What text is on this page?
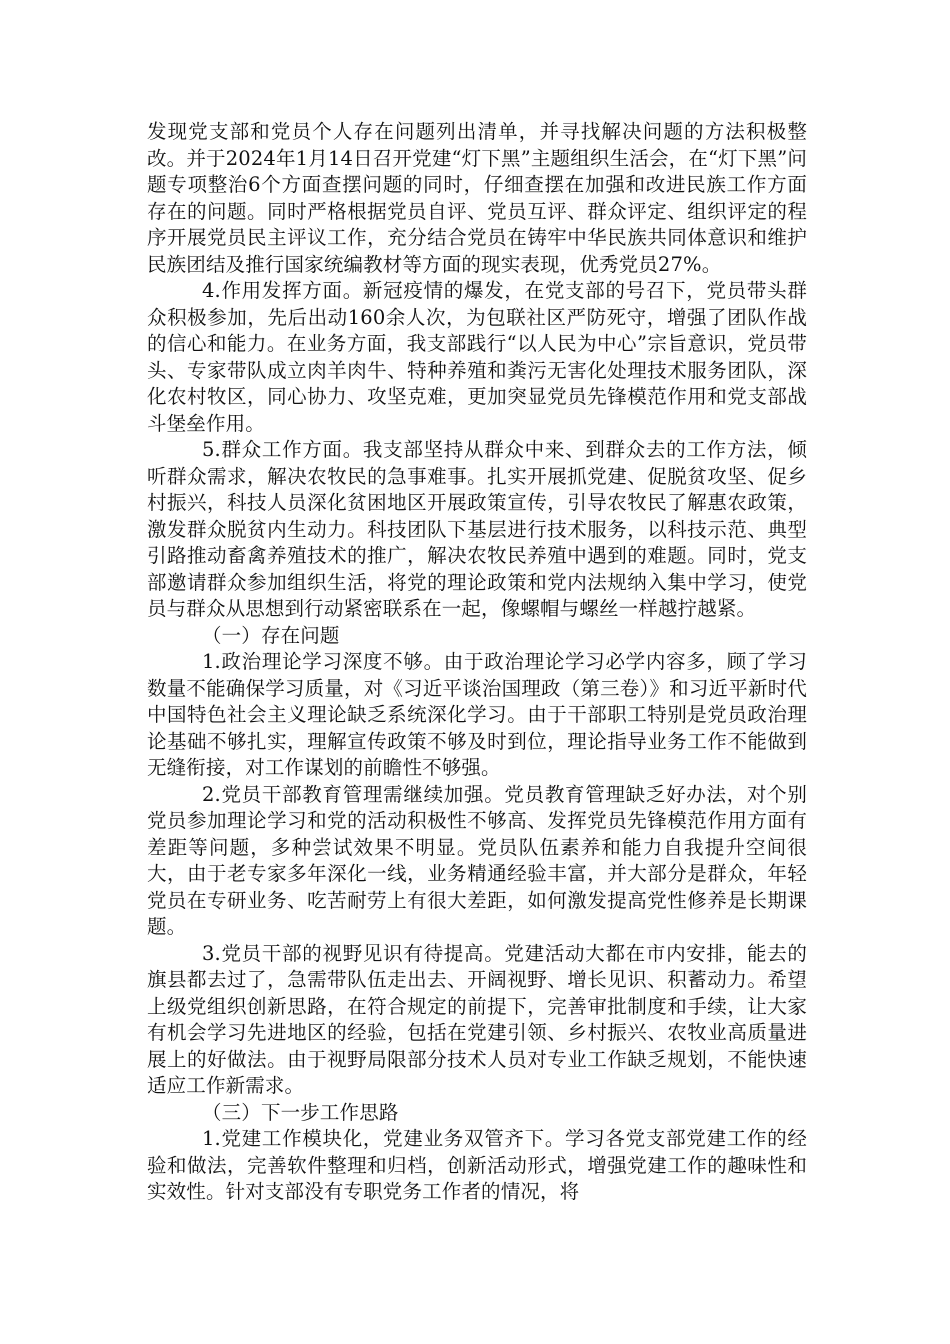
发现党支部和党员个人存在问题列出清单，并寻找解决问题的方法积极整改。并于2024年1月14日召开党建“灯下黑”主题组织生活会，在“灯下黑”问题专项整治6个方面查摆问题的同时，仔细查摆在加强和改进民族工作方面存在的问题。同时严格根据党员自评、党员互评、群众评定、组织评定的程序开展党员民主评议工作，充分结合党员在铸牢中华民族共同体意识和维护民族团结及推行国家统编教材等方面的现实表现，优秀党员27%。

4.作用发挥方面。新冠疫情的爆发，在党支部的号召下，党员带头群众积极参加，先后出动160余人次，为包联社区严防死守，增强了团队作战的信心和能力。在业务方面，我支部践行“以人民为中心”宗旨意识，党员带头、专家带队成立肉羊肉牛、特种养殖和粪污无害化处理技术服务团队，深化农村牧区，同心协力、攻坚克难，更加突显党员先锋模范作用和党支部战斗堡垒作用。

5.群众工作方面。我支部坚持从群众中来、到群众去的工作方法，倾听群众需求，解决农牧民的急事难事。扎实开展抓党建、促脱贫攻坚、促乡村振兴，科技人员深化贫困地区开展政策宣传，引导农牧民了解惠农政策，激发群众脱贫内生动力。科技团队下基层进行技术服务，以科技示范、典型引路推动畜禽养殖技术的推广，解决农牧民养殖中遇到的难题。同时，党支部邀请群众参加组织生活，将党的理论政策和党内法规纳入集中学习，使党员与群众从思想到行动紧密联系在一起，像螺帽与螺丝一样越拧越紧。

（一）存在问题

1.政治理论学习深度不够。由于政治理论学习必学内容多，顾了学习数量不能确保学习质量，对《习近平谈治国理政（第三卷）》和习近平新时代中国特色社会主义理论缺乏系统深化学习。由于干部职工特别是党员政治理论基础不够扎实，理解宣传政策不够及时到位，理论指导业务工作不能做到无缝衔接，对工作谋划的前瞻性不够强。

2.党员干部教育管理需继续加强。党员教育管理缺乏好办法，对个别党员参加理论学习和党的活动积极性不够高、发挥党员先锋模范作用方面有差距等问题，多种尝试效果不明显。党员队伍素养和能力自我提升空间很大，由于老专家多年深化一线，业务精通经验丰富，并大部分是群众，年轻党员在专研业务、吃苦耐劳上有很大差距，如何激发提高党性修养是长期课题。

3.党员干部的视野见识有待提高。党建活动大都在市内安排，能去的旗县都去过了，急需带队伍走出去、开阔视野、增长见识、积蓄动力。希望上级党组织创新思路，在符合规定的前提下，完善审批制度和手续，让大家有机会学习先进地区的经验，包括在党建引领、乡村振兴、农牧业高质量进展上的好做法。由于视野局限部分技术人员对专业工作缺乏规划，不能快速适应工作新需求。

（三）下一步工作思路

1.党建工作模块化，党建业务双管齐下。学习各党支部党建工作的经验和做法，完善软件整理和归档，创新活动形式，增强党建工作的趣味性和实效性。针对支部没有专职党务工作者的情况，将
